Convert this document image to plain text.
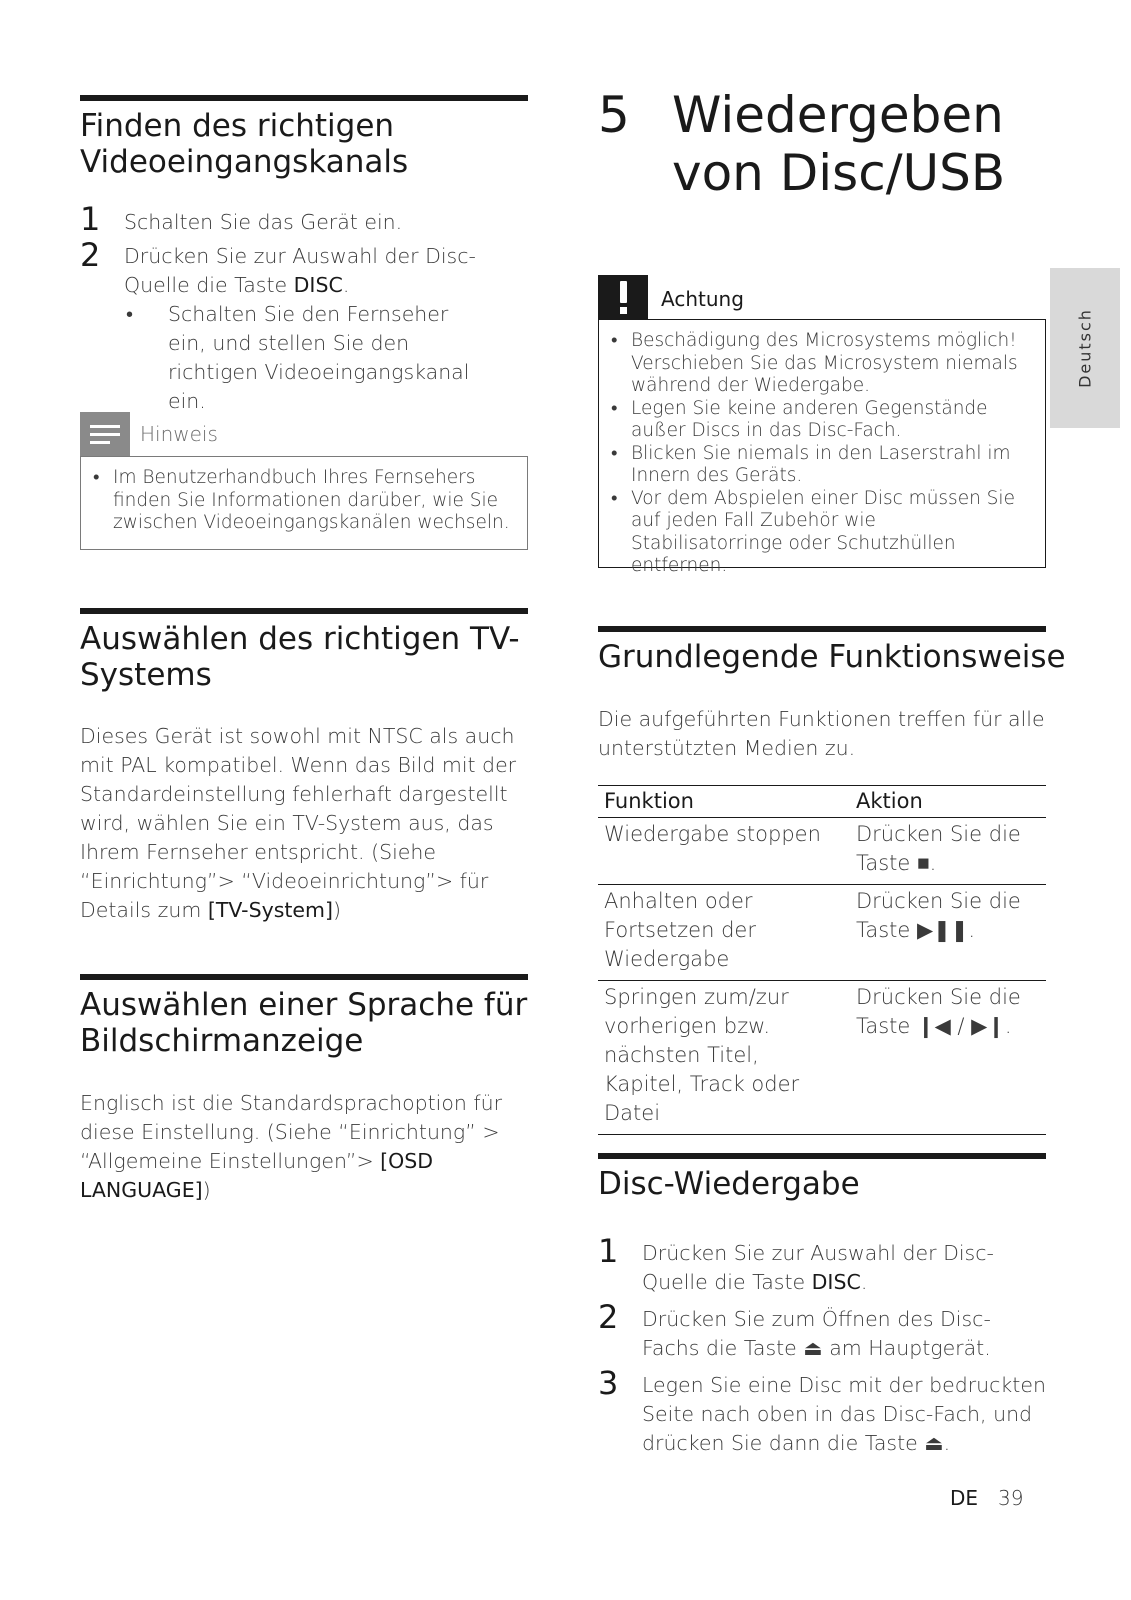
Finden des richtigen Videoeingangskanals
1 Schalten Sie das Gerät ein.
2 Drücken Sie zur Auswahl der Disc-Quelle die Taste DISC.
• Schalten Sie den Fernseher ein, und stellen Sie den richtigen Videoeingangskanal ein.
Hinweis
• Im Benutzerhandbuch Ihres Fernsehers finden Sie Informationen darüber, wie Sie zwischen Videoeingangskanälen wechseln.
Auswählen des richtigen TV-Systems

Dieses Gerät ist sowohl mit NTSC als auch mit PAL kompatibel. Wenn das Bild mit der Standardeinstellung fehlerhaft dargestellt wird, wählen Sie ein TV-System aus, das Ihrem Fernseher entspricht. (Siehe “Einrichtung”> “Videoeinrichtung”> für Details zum [TV-System])

Auswählen einer Sprache für Bildschirmanzeige

Englisch ist die Standardsprachoption für diese Einstellung. (Siehe “Einrichtung” > “Allgemeine Einstellungen”> [OSD LANGUAGE])

5 Wiedergeben
von Disc/USB
Achtung
• Beschädigung des Microsystems möglich! Verschieben Sie das Microsystem niemals während der Wiedergabe.
• Legen Sie keine anderen Gegenstände außer Discs in das Disc-Fach.
• Blicken Sie niemals in den Laserstrahl im Innern des Geräts.
• Vor dem Abspielen einer Disc müssen Sie auf jeden Fall Zubehör wie Stabilisatorringe oder Schutzhüllen entfernen.
Grundlegende Funktionsweise

Die aufgeführten Funktionen treffen für alle unterstützten Medien zu.

Funktion	Aktion
Wiedergabe stoppen	Drücken Sie die Taste ■.
Anhalten oder Fortsetzen der Wiedergabe	Drücken Sie die Taste ▶❚❚.
Springen zum/zur vorherigen bzw. nächsten Titel, Kapitel, Track oder Datei	Drücken Sie die Taste ❙◀ / ▶❙.
Disc-Wiedergabe
1 Drücken Sie zur Auswahl der Disc-Quelle die Taste DISC.
2 Drücken Sie zum Öffnen des Disc-Fachs die Taste ⏏ am Hauptgerät.
3 Legen Sie eine Disc mit der bedruckten Seite nach oben in das Disc-Fach, und drücken Sie dann die Taste ⏏.
Deutsch
DE 39
